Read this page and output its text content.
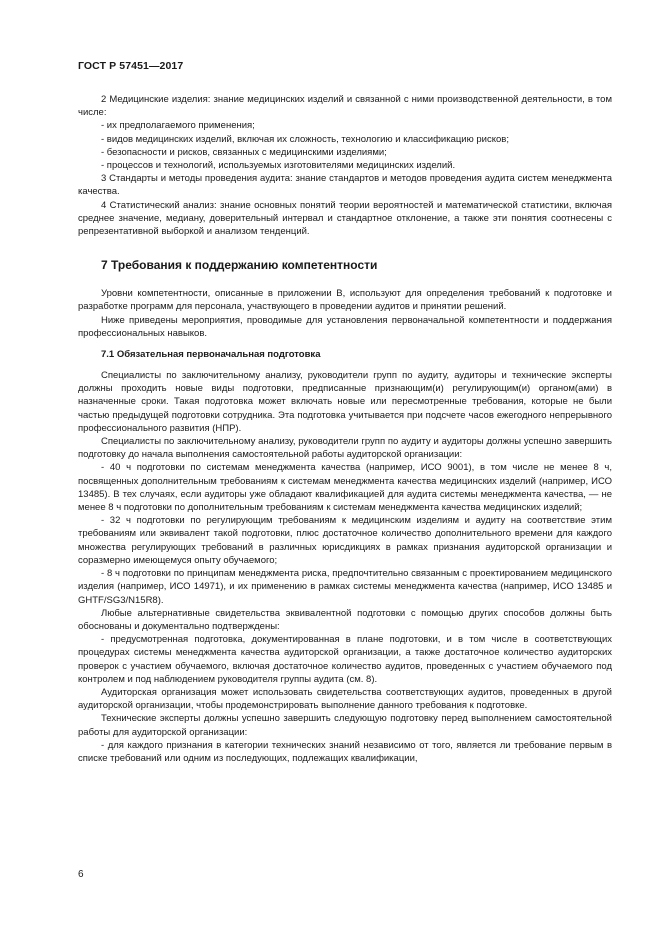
ГОСТ Р 57451—2017

2 Медицинские изделия: знание медицинских изделий и связанной с ними производственной деятельности, в том числе:

- их предполагаемого применения;

- видов медицинских изделий, включая их сложность, технологию и классификацию рисков;

- безопасности и рисков, связанных с медицинскими изделиями;

- процессов и технологий, используемых изготовителями медицинских изделий.

3 Стандарты и методы проведения аудита: знание стандартов и методов проведения аудита систем менеджмента качества.

4 Статистический анализ: знание основных понятий теории вероятностей и математической статистики, включая среднее значение, медиану, доверительный интервал и стандартное отклонение, а также эти понятия соотнесены с репрезентативной выборкой и анализом тенденций.

7 Требования к поддержанию компетентности

Уровни компетентности, описанные в приложении В, используют для определения требований к подготовке и разработке программ для персонала, участвующего в проведении аудитов и принятии решений.

Ниже приведены мероприятия, проводимые для установления первоначальной компетентности и поддержания профессиональных навыков.

7.1 Обязательная первоначальная подготовка

Специалисты по заключительному анализу, руководители групп по аудиту, аудиторы и технические эксперты должны проходить новые виды подготовки, предписанные признающим(и) регулирующим(и) органом(ами) в назначенные сроки. Такая подготовка может включать новые или пересмотренные требования, которые не были частью предыдущей подготовки сотрудника. Эта подготовка учитывается при подсчете часов ежегодного непрерывного профессионального развития (НПР).

Специалисты по заключительному анализу, руководители групп по аудиту и аудиторы должны успешно завершить подготовку до начала выполнения самостоятельной работы аудиторской организации:

- 40 ч подготовки по системам менеджмента качества (например, ИСО 9001), в том числе не менее 8 ч, посвященных дополнительным требованиям к системам менеджмента качества медицинских изделий (например, ИСО 13485). В тех случаях, если аудиторы уже обладают квалификацией для аудита системы менеджмента качества, — не менее 8 ч подготовки по дополнительным требованиям к системам менеджмента качества медицинских изделий;

- 32 ч подготовки по регулирующим требованиям к медицинским изделиям и аудиту на соответствие этим требованиям или эквивалент такой подготовки, плюс достаточное количество дополнительного времени для каждого множества регулирующих требований в различных юрисдикциях в рамках признания аудиторской организации и соразмерно имеющемуся опыту обучаемого;

- 8 ч подготовки по принципам менеджмента риска, предпочтительно связанным с проектированием медицинского изделия (например, ИСО 14971), и их применению в рамках системы менеджмента качества (например, ИСО 13485 и GHTF/SG3/N15R8).

Любые альтернативные свидетельства эквивалентной подготовки с помощью других способов должны быть обоснованы и документально подтверждены:

- предусмотренная подготовка, документированная в плане подготовки, и в том числе в соответствующих процедурах системы менеджмента качества аудиторской организации, а также достаточное количество аудиторских проверок с участием обучаемого, включая достаточное количество аудитов, проведенных с участием обучаемого под контролем и под наблюдением руководителя группы аудита (см. 8).

Аудиторская организация может использовать свидетельства соответствующих аудитов, проведенных в другой аудиторской организации, чтобы продемонстрировать выполнение данного требования к подготовке.

Технические эксперты должны успешно завершить следующую подготовку перед выполнением самостоятельной работы для аудиторской организации:

- для каждого признания в категории технических знаний независимо от того, является ли требование первым в списке требований или одним из последующих, подлежащих квалификации,

6
